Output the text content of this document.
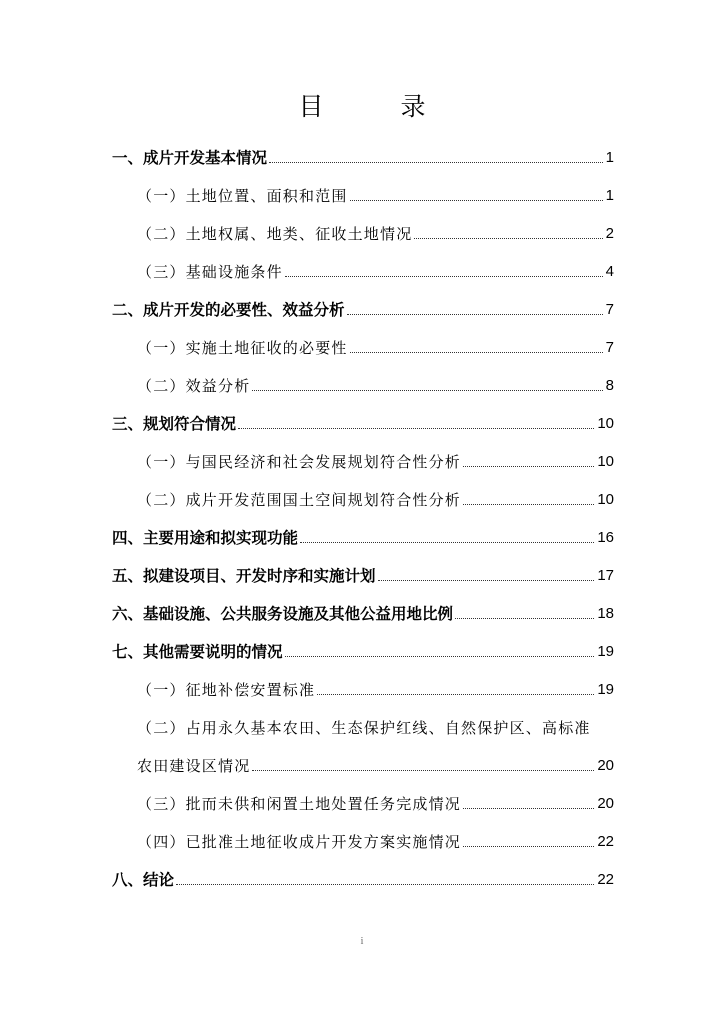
目　录
一、成片开发基本情况	1
（一）土地位置、面积和范围	1
（二）土地权属、地类、征收土地情况	2
（三）基础设施条件	4
二、成片开发的必要性、效益分析	7
（一）实施土地征收的必要性	7
（二）效益分析	8
三、规划符合情况	10
（一）与国民经济和社会发展规划符合性分析	10
（二）成片开发范围国土空间规划符合性分析	10
四、主要用途和拟实现功能	16
五、拟建设项目、开发时序和实施计划	17
六、基础设施、公共服务设施及其他公益用地比例	18
七、其他需要说明的情况	19
（一）征地补偿安置标准	19
（二）占用永久基本农田、生态保护红线、自然保护区、高标准
农田建设区情况	20
（三）批而未供和闲置土地处置任务完成情况	20
（四）已批准土地征收成片开发方案实施情况	22
八、结论	22
i
